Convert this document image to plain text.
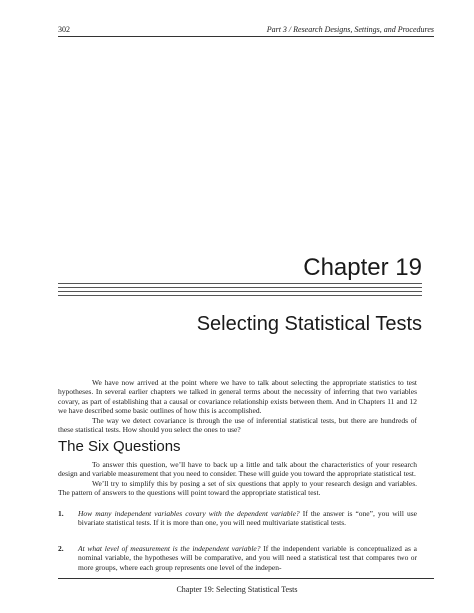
302	Part 3 / Research Designs, Settings, and Procedures
Chapter 19
Selecting Statistical Tests

We have now arrived at the point where we have to talk about selecting the appropriate statistics to test hypotheses. In several earlier chapters we talked in general terms about the necessity of inferring that two variables covary, as part of establishing that a causal or covariance relationship exists between them. And in Chapters 11 and 12 we have described some basic outlines of how this is accomplished.

The way we detect covariance is through the use of inferential statistical tests, but there are hundreds of these statistical tests. How should you select the ones to use?

The Six Questions

To answer this question, we’ll have to back up a little and talk about the characteristics of your research design and variable measurement that you need to consider. These will guide you toward the appropriate statistical test.

We’ll try to simplify this by posing a set of six questions that apply to your research design and variables. The pattern of answers to the questions will point toward the appropriate statistical test.

1. How many independent variables covary with the dependent variable? If the answer is “one”, you will use bivariate statistical tests. If it is more than one, you will need multivariate statistical tests.
2. At what level of measurement is the independent variable? If the independent variable is conceptualized as a nominal variable, the hypotheses will be comparative, and you will need a statistical test that compares two or more groups, where each group represents one level of the indepen-
Chapter 19: Selecting Statistical Tests
